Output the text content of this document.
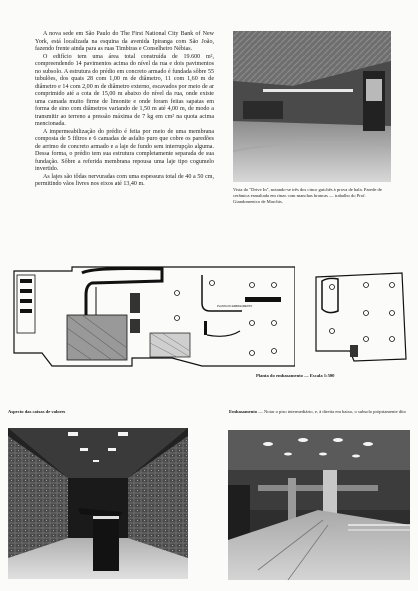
A nova sede em São Paulo do The First National City Bank of New York, está localizada na esquina da avenida Ipiranga com São João, fazendo frente ainda para as ruas Timbiras e Conselheiro Nébias.

O edifício tem uma área total construída de 19.600 m², compreendendo 14 pavimentos acima do nível da rua e dois pavimentos no subsolo. A estrutura do prédio em concreto armado é fundada sôbre 55 tubulões, dos quais 28 com 1,00 m de diâmetro, 11 com 1,60 m de diâmetro e 14 com 2,00 m de diâmetro externo, escavados por meio de ar comprimido até a cota de 15,00 m abaixo do nível da rua, onde existe uma camada muito firme de limonite e onde foram feitas sapatas em forma de sino com diâmetros variando de 1,50 m até 4,00 m, de modo a transmitir ao terreno a pressão máxima de 7 kg em cm² na quota acima mencionada.

A impermeabilização do prédio é feita por meio de uma membrana composta de 5 filtros e 6 camadas de asfalto puro que cobre os paredões de arrimo de concreto armado e a laje de fundo sem interrupção alguma. Dessa forma, o prédio tem sua estrutura completamente separada de sua fundação. Sôbre a referida membrana repousa uma laje tipo cogumelo invertido.

As lajes são tôdas nervuradas com uma espessura total de 40 a 50 cm, permitindo vãos livres nos eixos até 13,40 m.

Vista do "Drive In", notando-se três dos cinco guichês à prova de bala. Parede de cerâmica esmaltada em rinzo com manchas brancas — trabalho do Prof. Giandomenico de Marchis.
PLANTA DO EMBASAMENTO
Planta do embasamento — Escala 1:500
Aspecto das caixas de valores	Embasamento — Notar o piso intermediário, e, à direita em baixo, o subsolo pròpriamente dito
